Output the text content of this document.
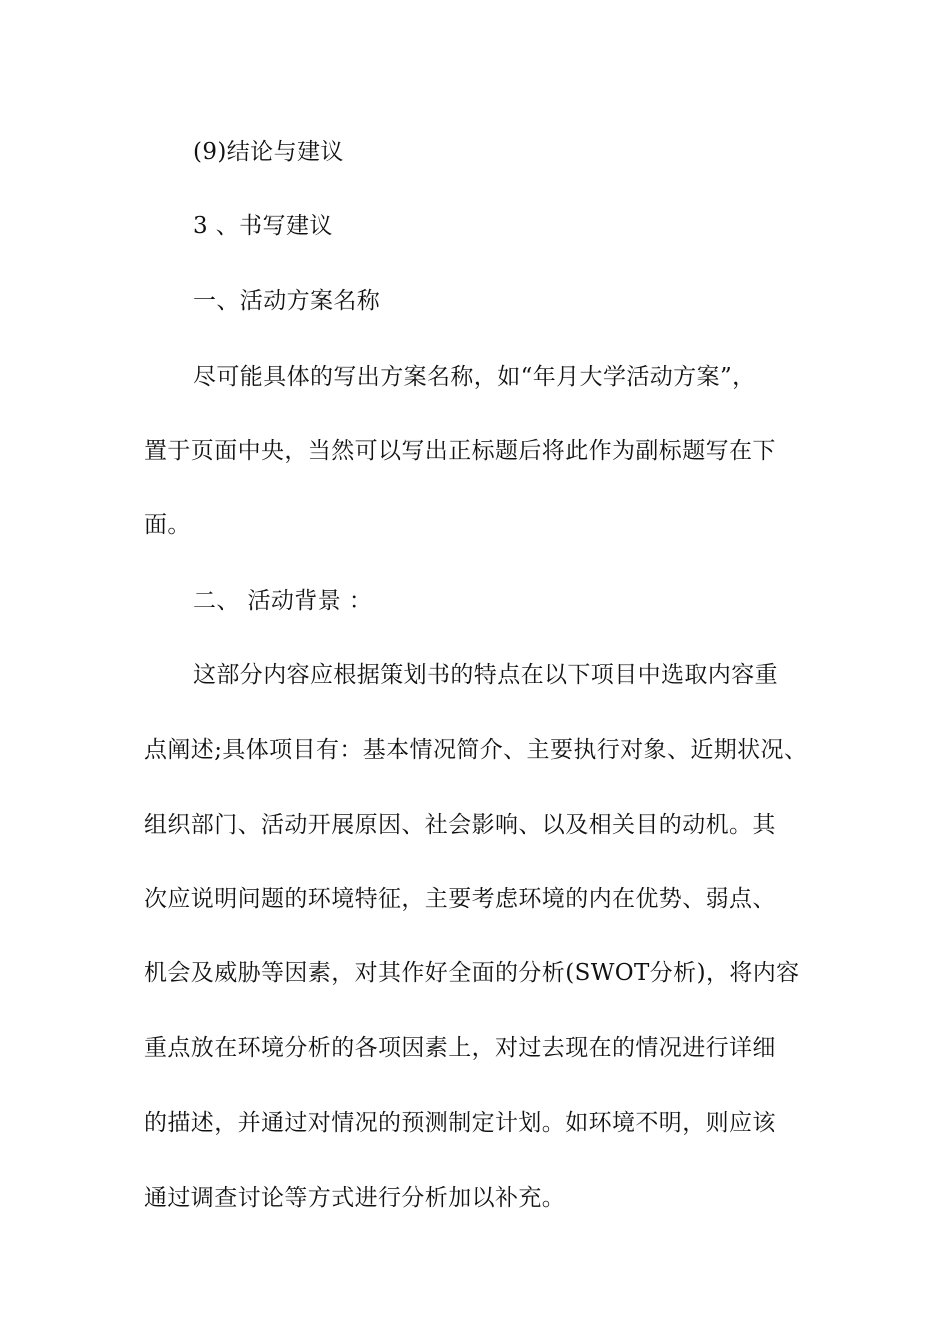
(9)结论与建议
3 、书写建议
一、活动方案名称
尽可能具体的写出方案名称，如“年月大学活动方案”，
置于页面中央，当然可以写出正标题后将此作为副标题写在下
面。
二、 活动背景 ：
这部分内容应根据策划书的特点在以下项目中选取内容重
点阐述;具体项目有：基本情况简介、主要执行对象、近期状况、
组织部门、活动开展原因、社会影响、以及相关目的动机。其
次应说明问题的环境特征，主要考虑环境的内在优势、弱点、
机会及威胁等因素，对其作好全面的分析(SWOT分析)，将内容
重点放在环境分析的各项因素上，对过去现在的情况进行详细
的描述，并通过对情况的预测制定计划。如环境不明，则应该
通过调查讨论等方式进行分析加以补充。
